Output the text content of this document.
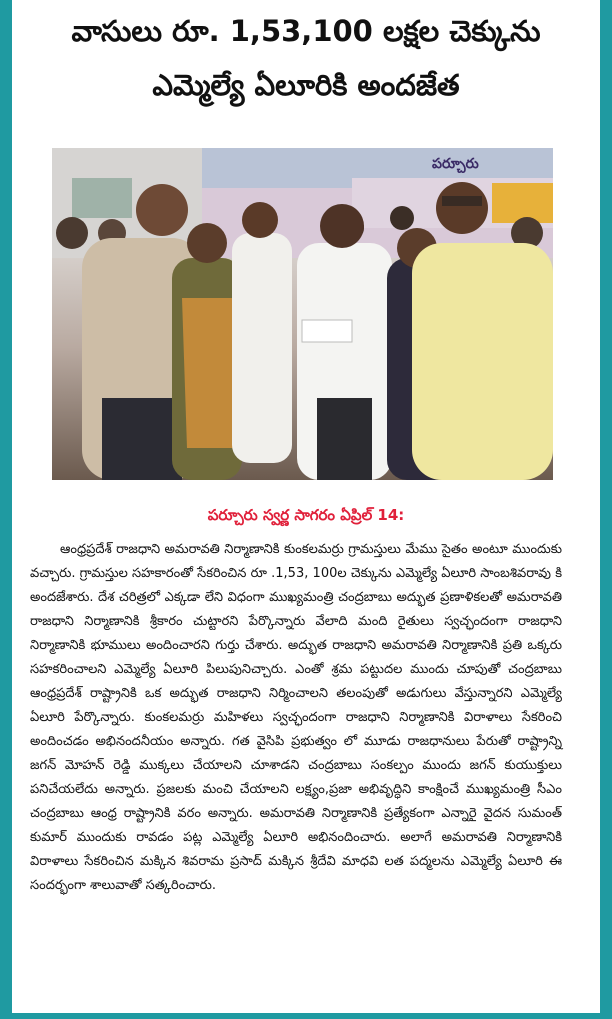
వాసులు రూ. 1,53,100 లక్షల చెక్కును
ఎమ్మెల్యే ఏలూరికి అందజేత
పర్చూరు
పర్చూరు స్వర్ణ సాగరం ఏప్రిల్ 14:
ఆంధ్రప్రదేశ్ రాజధాని అమరావతి నిర్మాణానికి కుంకలమర్రు గ్రామస్తులు మేము సైతం అంటూ ముందుకు వచ్చారు. గ్రామస్తుల సహకారంతో సేకరించిన రూ .1,53, 100ల చెక్కును ఎమ్మెల్యే ఏలూరి సాంబశివరావు కి అందజేశారు. దేశ చరిత్రలో ఎక్కడా లేని విధంగా ముఖ్యమంత్రి చంద్రబాబు అద్భుత ప్రణాళికలతో అమరావతి రాజధాని నిర్మాణానికి శ్రీకారం చుట్టారని పేర్కొన్నారు వేలాది మంది రైతులు స్వచ్ఛందంగా రాజధాని నిర్మాణానికి భూములు అందించారని గుర్తు చేశారు. అద్భుత రాజధాని అమరావతి నిర్మాణానికి ప్రతి ఒక్కరు సహకరించాలని ఎమ్మెల్యే ఏలూరి పిలుపునిచ్చారు. ఎంతో శ్రమ పట్టుదల ముందు చూపుతో చంద్రబాబు ఆంధ్రప్రదేశ్ రాష్ట్రానికి ఒక అద్భుత రాజధాని నిర్మించాలని తలంపుతో అడుగులు వేస్తున్నారని ఎమ్మెల్యే ఏలూరి పేర్కొన్నారు. కుంకలమర్రు మహిళలు స్వచ్ఛందంగా రాజధాని నిర్మాణానికి విరాళాలు సేకరించి అందించడం అభినందనీయం అన్నారు. గత వైసిపి ప్రభుత్వం లో మూడు రాజధానులు పేరుతో రాష్ట్రాన్ని జగన్ మోహన్ రెడ్డి ముక్కలు చేయాలని చూశాడని చంద్రబాబు సంకల్పం ముందు జగన్ కుయుక్తులు పనిచేయలేదు అన్నారు. ప్రజలకు మంచి చేయాలని లక్ష్యం,ప్రజా అభివృద్ధిని కాంక్షించే ముఖ్యమంత్రి సీఎం చంద్రబాబు ఆంధ్ర రాష్ట్రానికి వరం అన్నారు. అమరావతి నిర్మాణానికి ప్రత్యేకంగా ఎన్నారై వైదన సుమంత్ కుమార్ ముందుకు రావడం పట్ల ఎమ్మెల్యే ఏలూరి అభినందించారు. అలాగే అమరావతి నిర్మాణానికి విరాళాలు సేకరించిన మక్కిన శివరామ ప్రసాద్ మక్కిన శ్రీదేవి మాధవి లత పద్మలను ఎమ్మెల్యే ఏలూరి ఈ సందర్భంగా శాలువాతో సత్కరించారు.
